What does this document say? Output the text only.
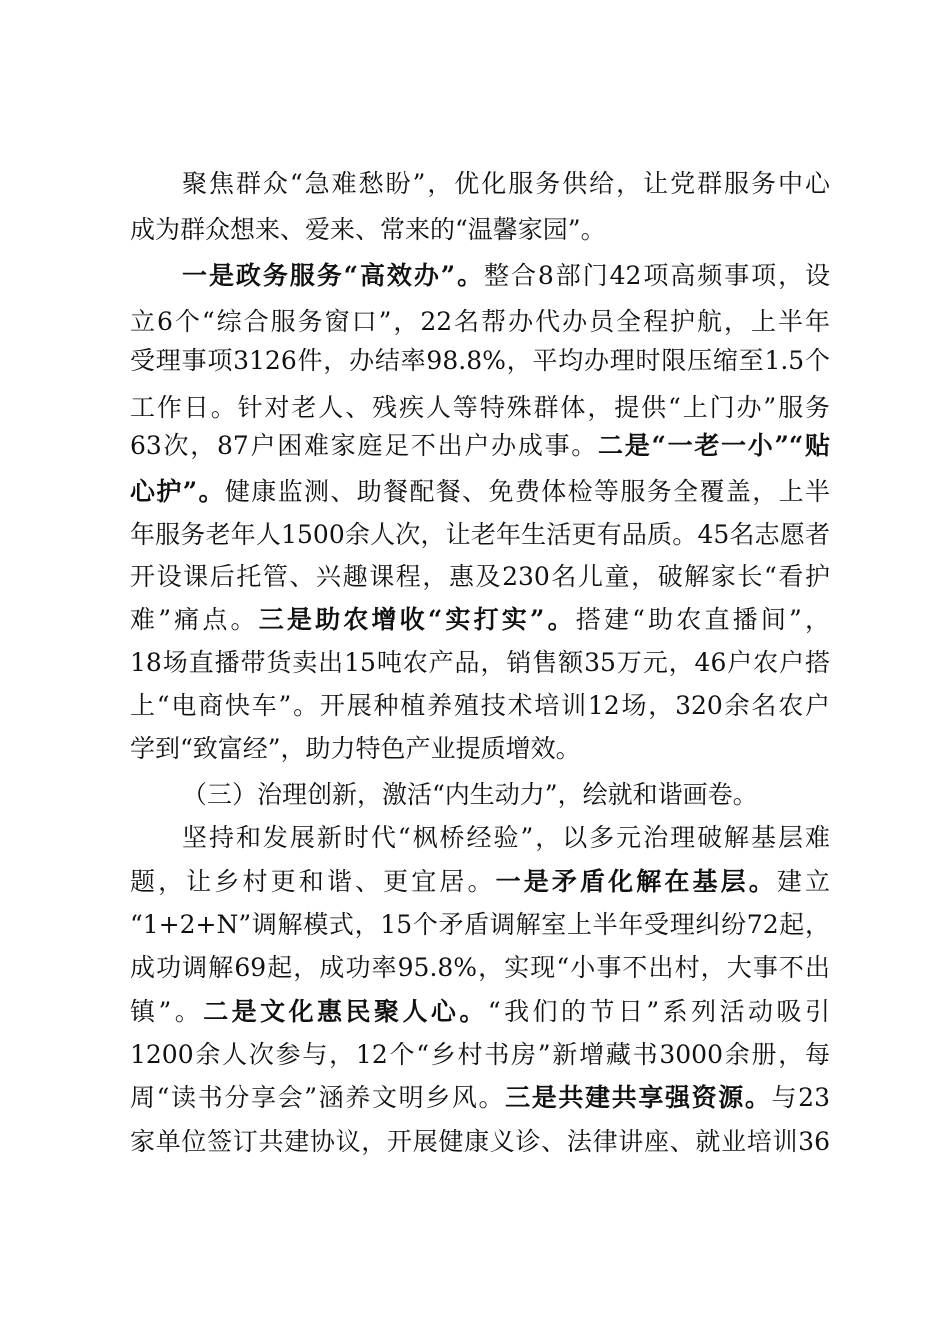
聚焦群众“急难愁盼”，优化服务供给，让党群服务中心
成为群众想来、爱来、常来的“温馨家园”。
一是政务服务“高效办”。整合8部门42项高频事项，设
立6个“综合服务窗口”，22名帮办代办员全程护航，上半年
受理事项3126件，办结率98.8%，平均办理时限压缩至1.5个
工作日。针对老人、残疾人等特殊群体，提供“上门办”服务
63次，87户困难家庭足不出户办成事。二是“一老一小”“贴
心护”。健康监测、助餐配餐、免费体检等服务全覆盖，上半
年服务老年人1500余人次，让老年生活更有品质。45名志愿者
开设课后托管、兴趣课程，惠及230名儿童，破解家长“看护
难”痛点。三是助农增收“实打实”。搭建“助农直播间”，
18场直播带货卖出15吨农产品，销售额35万元，46户农户搭
上“电商快车”。开展种植养殖技术培训12场，320余名农户
学到“致富经”，助力特色产业提质增效。
（三）治理创新，激活“内生动力”，绘就和谐画卷。
坚持和发展新时代“枫桥经验”，以多元治理破解基层难
题，让乡村更和谐、更宜居。一是矛盾化解在基层。建立
“1+2+N”调解模式，15个矛盾调解室上半年受理纠纷72起，
成功调解69起，成功率95.8%，实现“小事不出村，大事不出
镇”。二是文化惠民聚人心。“我们的节日”系列活动吸引
1200余人次参与，12个“乡村书房”新增藏书3000余册，每
周“读书分享会”涵养文明乡风。三是共建共享强资源。与23
家单位签订共建协议，开展健康义诊、法律讲座、就业培训36
